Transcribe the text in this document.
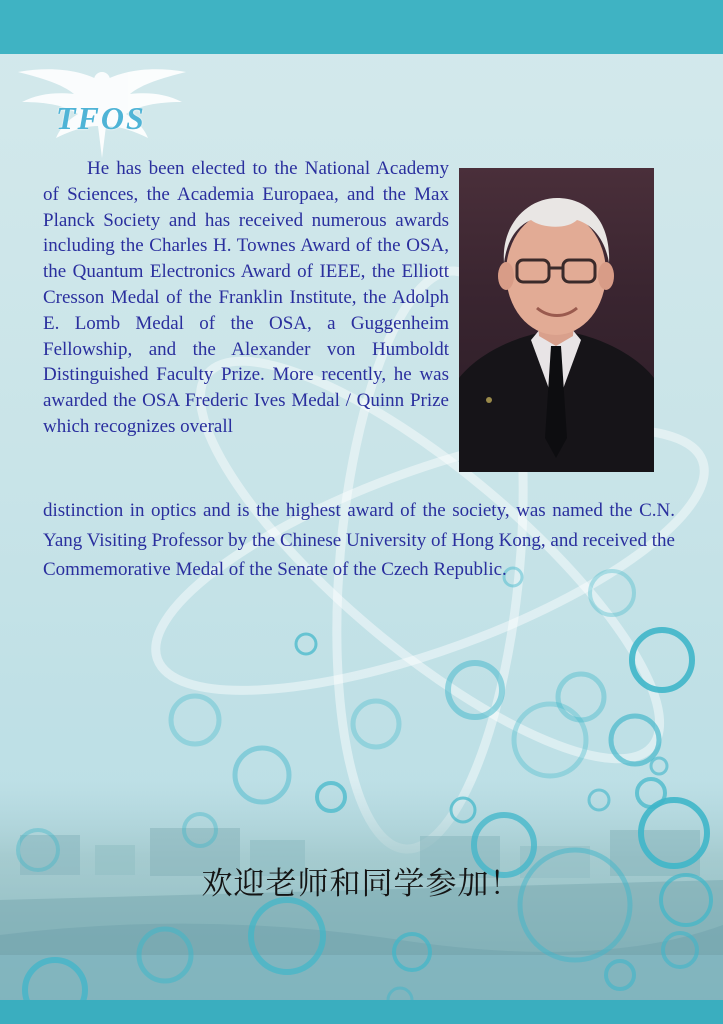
TFOS
He has been elected to the National Academy of Sciences, the Academia Europaea, and the Max Planck Society and has received numerous awards including the Charles H. Townes Award of the OSA, the Quantum Electronics Award of IEEE, the Elliott Cresson Medal of the Franklin Institute, the Adolph E. Lomb Medal of the OSA, a Guggenheim Fellowship, and the Alexander von Humboldt Distinguished Faculty Prize. More recently, he was awarded the OSA Frederic Ives Medal / Quinn Prize which recognizes overall
distinction in optics and is the highest award of the society, was named the C.N. Yang Visiting Professor by the Chinese University of Hong Kong, and received the Commemorative Medal of the Senate of the Czech Republic.
欢迎老师和同学参加！
